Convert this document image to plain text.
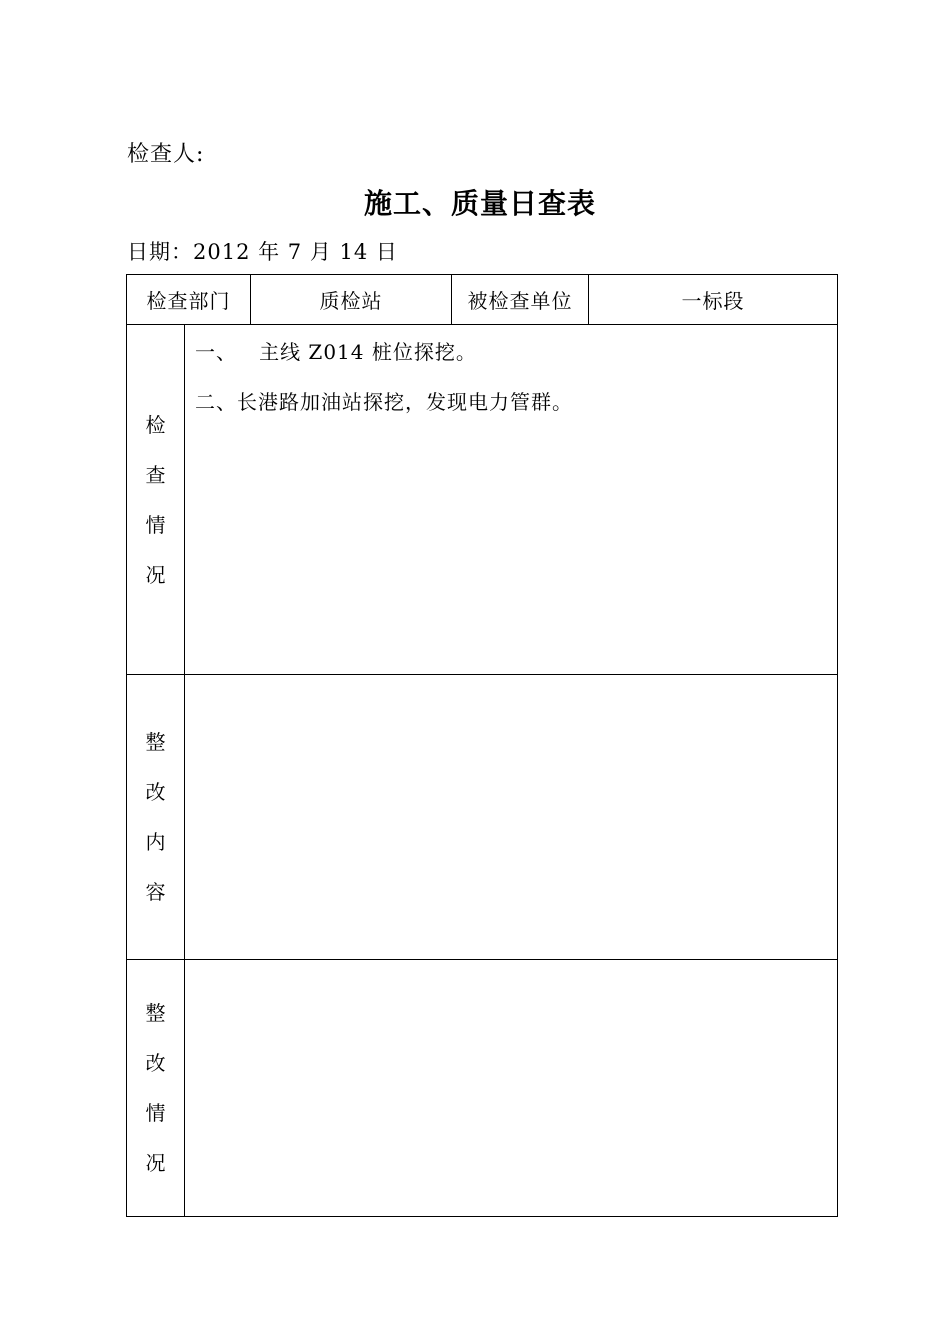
检查人:
施工、质量日查表
日期：2012 年 7 月 14 日
检查部门		质检站	被检查单位	一标段
检查情况	一、   主线 Z014 桩位探挖。
二、长港路加油站探挖，发现电力管群。			

整改内容				
整改情况				
